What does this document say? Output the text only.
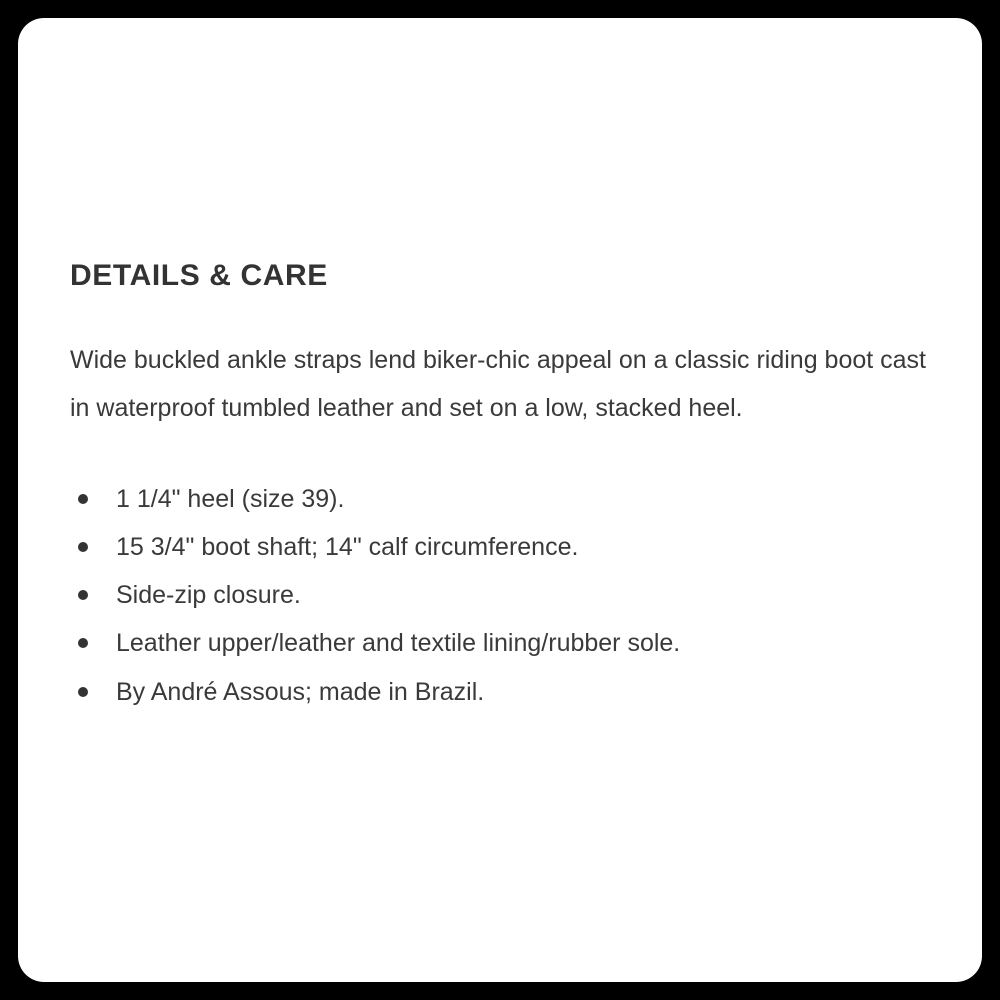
DETAILS & CARE

Wide buckled ankle straps lend biker-chic appeal on a classic riding boot cast in waterproof tumbled leather and set on a low, stacked heel.

1 1/4" heel (size 39).
15 3/4" boot shaft; 14" calf circumference.
Side-zip closure.
Leather upper/leather and textile lining/rubber sole.
By André Assous; made in Brazil.
